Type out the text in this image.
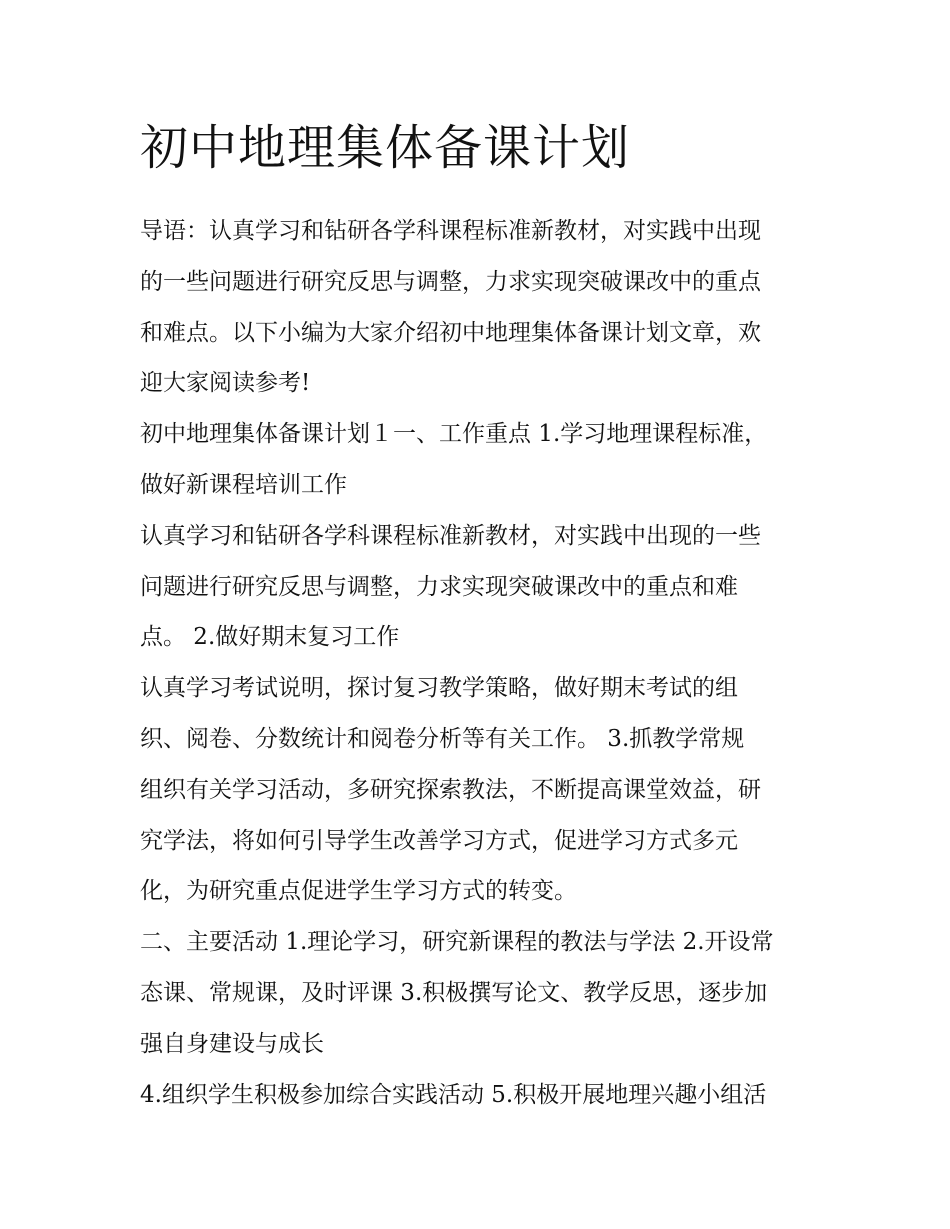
初中地理集体备课计划

导语：认真学习和钻研各学科课程标准新教材，对实践中出现
的一些问题进行研究反思与调整，力求实现突破课改中的重点
和难点。以下小编为大家介绍初中地理集体备课计划文章，欢
迎大家阅读参考!

初中地理集体备课计划１一、工作重点 1.学习地理课程标准，
做好新课程培训工作

认真学习和钻研各学科课程标准新教材，对实践中出现的一些
问题进行研究反思与调整，力求实现突破课改中的重点和难
点。 2.做好期末复习工作

认真学习考试说明，探讨复习教学策略，做好期末考试的组
织、阅卷、分数统计和阅卷分析等有关工作。 3.抓教学常规
组织有关学习活动，多研究探索教法，不断提高课堂效益，研
究学法，将如何引导学生改善学习方式，促进学习方式多元
化，为研究重点促进学生学习方式的转变。

二、主要活动 1.理论学习，研究新课程的教法与学法 2.开设常
态课、常规课，及时评课 3.积极撰写论文、教学反思，逐步加
强自身建设与成长

4.组织学生积极参加综合实践活动 5.积极开展地理兴趣小组活
